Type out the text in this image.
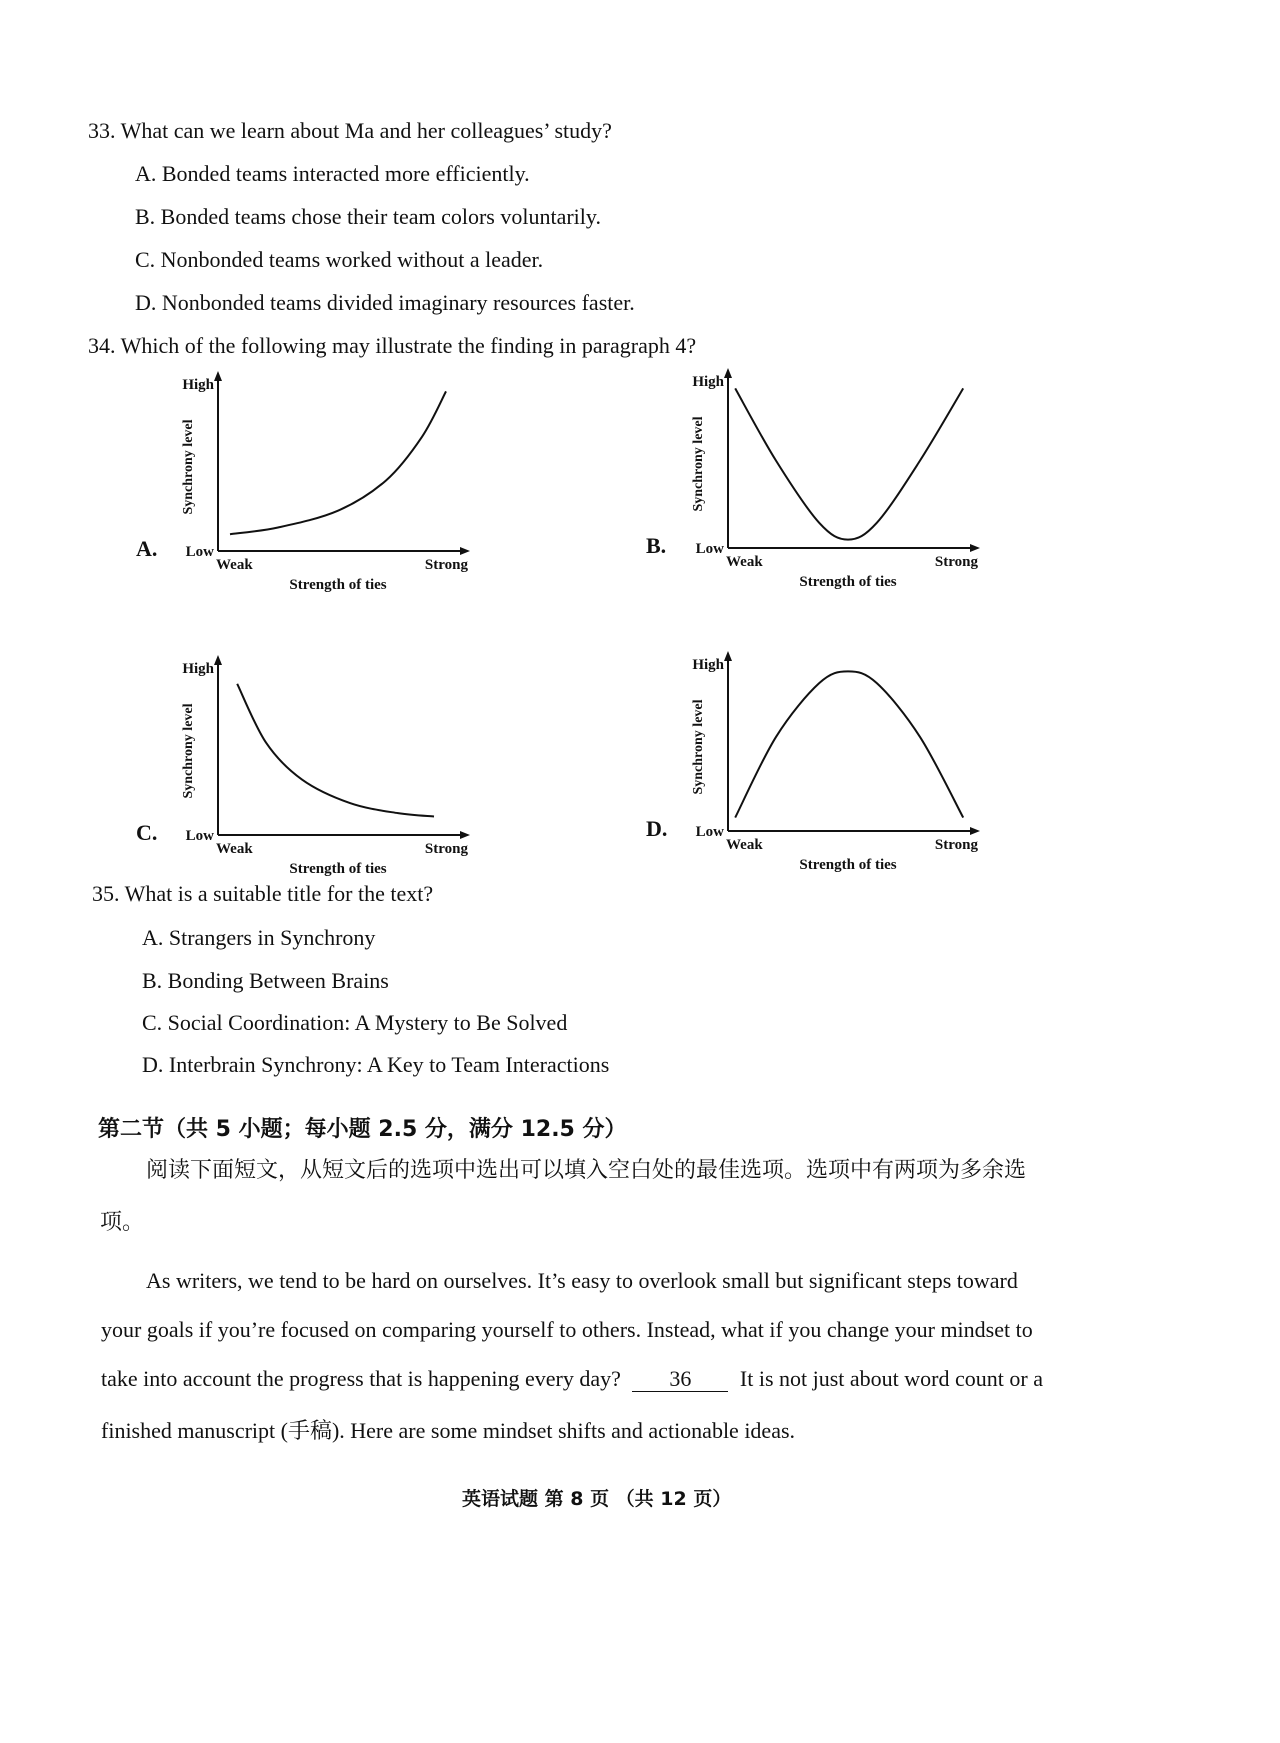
33. What can we learn about Ma and her colleagues’ study?
A. Bonded teams interacted more efficiently.
B. Bonded teams chose their team colors voluntarily.
C. Nonbonded teams worked without a leader.
D. Nonbonded teams divided imaginary resources faster.
34. Which of the following may illustrate the finding in paragraph 4?
A.
High
Low
Weak	Strong
Strength of ties
Synchrony level
B.
High
Low
Weak	Strong
Strength of ties
Synchrony level
C.
High
Low
Weak	Strong
Strength of ties
Synchrony level
D.
High
Low
Weak	Strong
Strength of ties
Synchrony level
35. What is a suitable title for the text?
A. Strangers in Synchrony
B. Bonding Between Brains
C. Social Coordination: A Mystery to Be Solved
D. Interbrain Synchrony: A Key to Team Interactions
第二节（共 5 小题；每小题 2.5 分，满分 12.5 分）
阅读下面短文，从短文后的选项中选出可以填入空白处的最佳选项。选项中有两项为多余选
项。
As writers, we tend to be hard on ourselves. It’s easy to overlook small but significant steps toward
your goals if you’re focused on comparing yourself to others. Instead, what if you change your mindset to
take into account the progress that is happening every day? 36 It is not just about word count or a
finished manuscript (手稿). Here are some mindset shifts and actionable ideas.
英语试题 第 8 页 （共 12 页）
